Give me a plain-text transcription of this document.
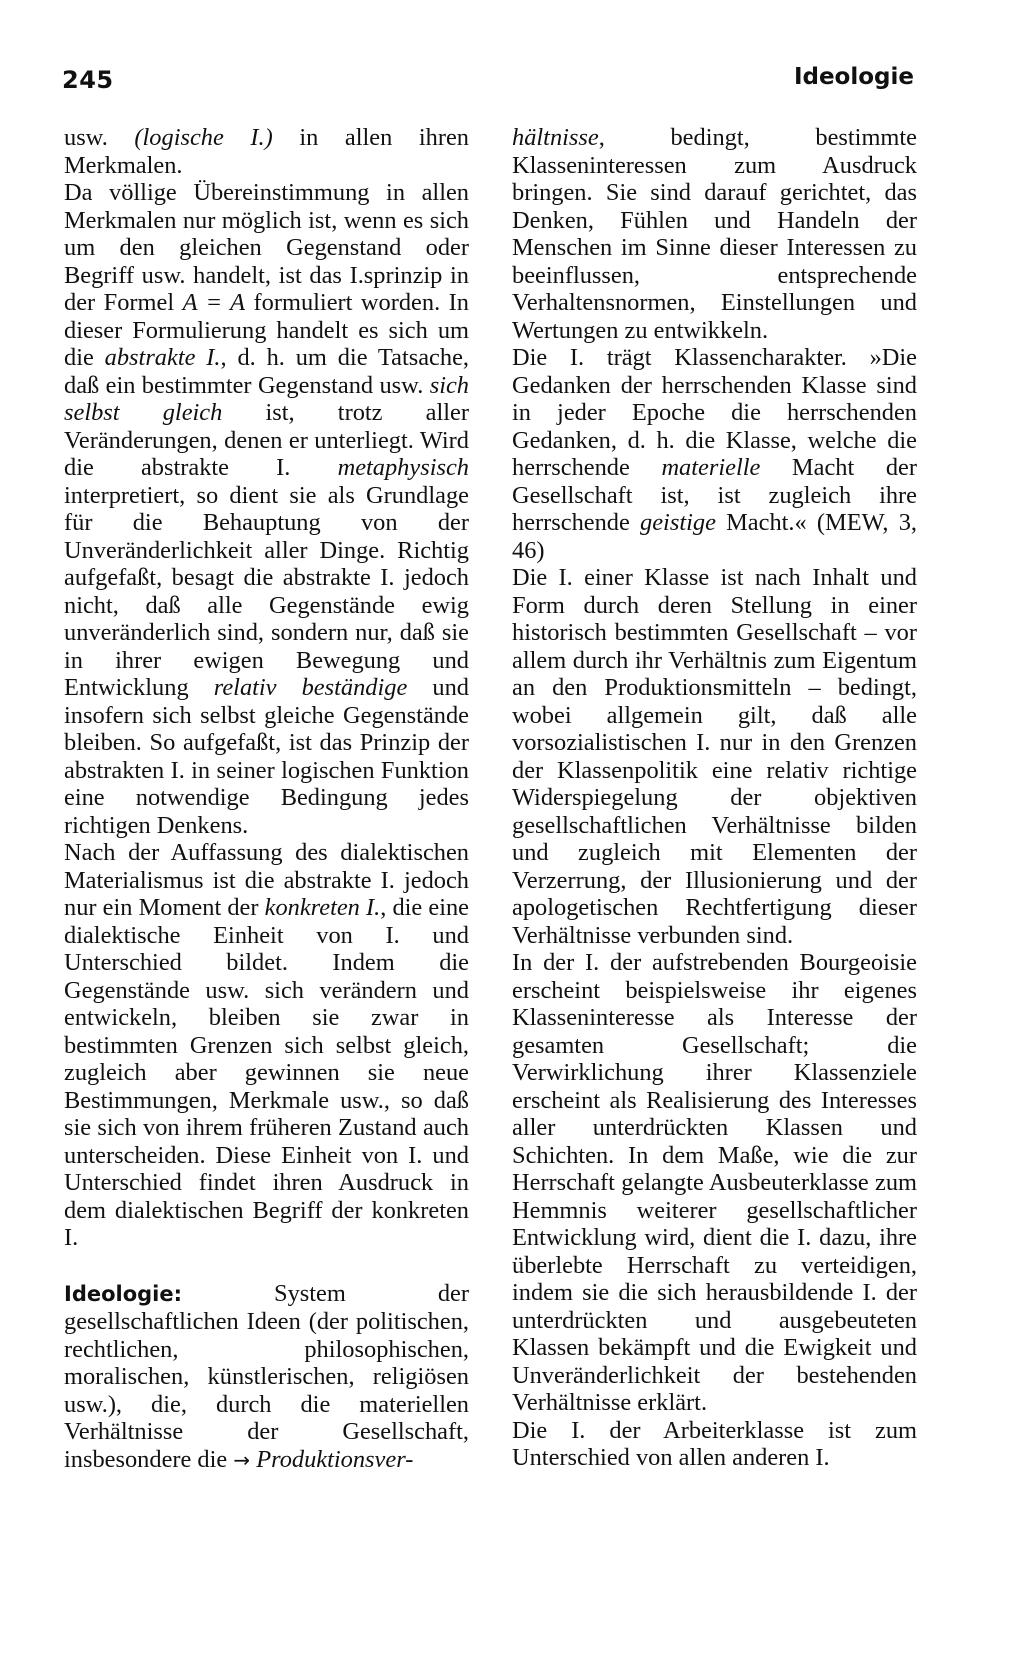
245	Ideologie

usw. (logische I.) in allen ihren Merkmalen.

Da völlige Übereinstimmung in allen Merkmalen nur möglich ist, wenn es sich um den gleichen Gegenstand oder Begriff usw. handelt, ist das I.sprinzip in der Formel A = A formuliert worden. In dieser Formulierung handelt es sich um die abstrakte I., d. h. um die Tatsache, daß ein bestimmter Gegenstand usw. sich selbst gleich ist, trotz aller Veränderungen, denen er unterliegt. Wird die abstrakte I. metaphysisch interpretiert, so dient sie als Grundlage für die Behauptung von der Unveränderlichkeit aller Dinge. Richtig aufgefaßt, besagt die abstrakte I. jedoch nicht, daß alle Gegenstände ewig unveränderlich sind, sondern nur, daß sie in ihrer ewigen Bewegung und Entwicklung relativ beständige und insofern sich selbst gleiche Gegenstände bleiben. So aufgefaßt, ist das Prinzip der abstrakten I. in seiner logischen Funktion eine notwendige Bedingung jedes richtigen Denkens.

Nach der Auffassung des dialektischen Materialismus ist die abstrakte I. jedoch nur ein Moment der konkreten I., die eine dialektische Einheit von I. und Unterschied bildet. Indem die Gegenstände usw. sich verändern und entwickeln, bleiben sie zwar in bestimmten Grenzen sich selbst gleich, zugleich aber gewinnen sie neue Bestimmungen, Merkmale usw., so daß sie sich von ihrem früheren Zustand auch unterscheiden. Diese Einheit von I. und Unterschied findet ihren Ausdruck in dem dialektischen Begriff der konkreten I.

Ideologie: System der gesellschaftlichen Ideen (der politischen, rechtlichen, philosophischen, moralischen, künstlerischen, religiösen usw.), die, durch die materiellen Verhältnisse der Gesellschaft, insbesondere die → Produktionsver-

hältnisse, bedingt, bestimmte Klasseninteressen zum Ausdruck bringen. Sie sind darauf gerichtet, das Denken, Fühlen und Handeln der Menschen im Sinne dieser Interessen zu beeinflussen, entsprechende Verhaltensnormen, Einstellungen und Wertungen zu entwikkeln.

Die I. trägt Klassencharakter. »Die Gedanken der herrschenden Klasse sind in jeder Epoche die herrschenden Gedanken, d. h. die Klasse, welche die herrschende materielle Macht der Gesellschaft ist, ist zugleich ihre herrschende geistige Macht.« (MEW, 3, 46)

Die I. einer Klasse ist nach Inhalt und Form durch deren Stellung in einer historisch bestimmten Gesellschaft – vor allem durch ihr Verhältnis zum Eigentum an den Produktionsmitteln – bedingt, wobei allgemein gilt, daß alle vorsozialistischen I. nur in den Grenzen der Klassenpolitik eine relativ richtige Widerspiegelung der objektiven gesellschaftlichen Verhältnisse bilden und zugleich mit Elementen der Verzerrung, der Illusionierung und der apologetischen Rechtfertigung dieser Verhältnisse verbunden sind.

In der I. der aufstrebenden Bourgeoisie erscheint beispielsweise ihr eigenes Klasseninteresse als Interesse der gesamten Gesellschaft; die Verwirklichung ihrer Klassenziele erscheint als Realisierung des Interesses aller unterdrückten Klassen und Schichten. In dem Maße, wie die zur Herrschaft gelangte Ausbeuterklasse zum Hemmnis weiterer gesellschaftlicher Entwicklung wird, dient die I. dazu, ihre überlebte Herrschaft zu verteidigen, indem sie die sich herausbildende I. der unterdrückten und ausgebeuteten Klassen bekämpft und die Ewigkeit und Unveränderlichkeit der bestehenden Verhältnisse erklärt.

Die I. der Arbeiterklasse ist zum Unterschied von allen anderen I.
